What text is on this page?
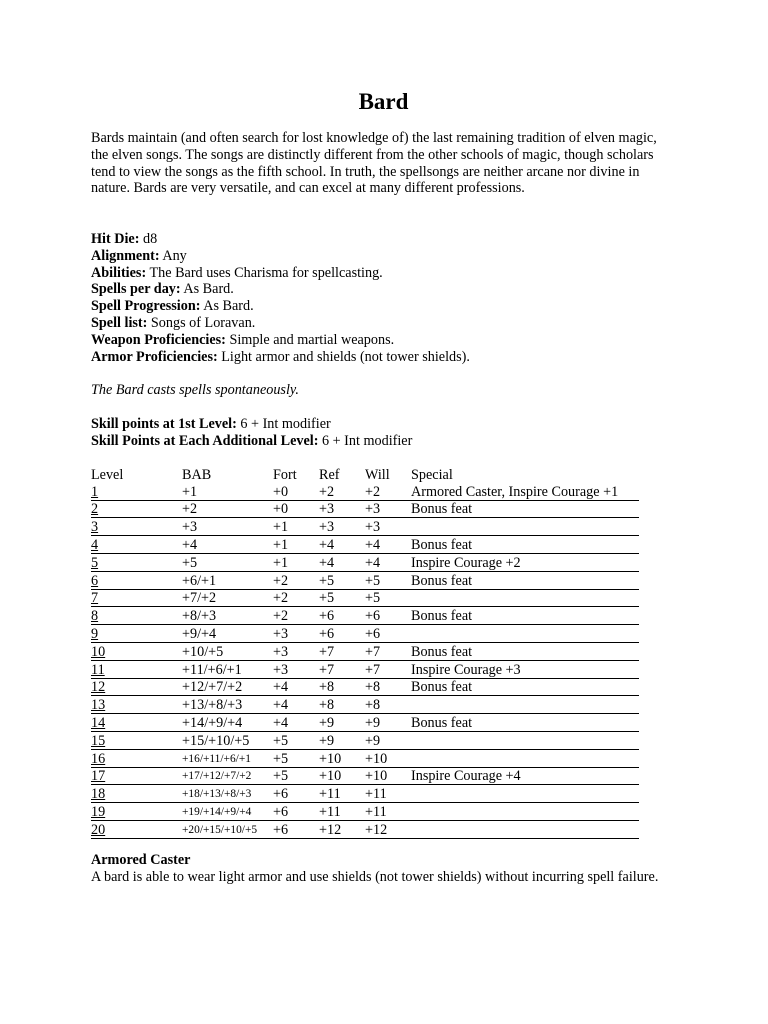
Bard

Bards maintain (and often search for lost knowledge of) the last remaining tradition of elven magic, the elven songs. The songs are distinctly different from the other schools of magic, though scholars tend to view the songs as the fifth school. In truth, the spellsongs are neither arcane nor divine in nature. Bards are very versatile, and can excel at many different professions.

Hit Die: d8
Alignment: Any
Abilities: The Bard uses Charisma for spellcasting.
Spells per day: As Bard.
Spell Progression: As Bard.
Spell list: Songs of Loravan.
Weapon Proficiencies: Simple and martial weapons.
Armor Proficiencies: Light armor and shields (not tower shields).

The Bard casts spells spontaneously.

Skill points at 1st Level: 6 + Int modifier
Skill Points at Each Additional Level: 6 + Int modifier
Level	BAB	Fort	Ref	Will	Special
1	+1	+0	+2	+2	Armored Caster, Inspire Courage +1
2	+2	+0	+3	+3	Bonus feat
3	+3	+1	+3	+3	
4	+4	+1	+4	+4	Bonus feat
5	+5	+1	+4	+4	Inspire Courage +2
6	+6/+1	+2	+5	+5	Bonus feat
7	+7/+2	+2	+5	+5	
8	+8/+3	+2	+6	+6	Bonus feat
9	+9/+4	+3	+6	+6	
10	+10/+5	+3	+7	+7	Bonus feat
11	+11/+6/+1	+3	+7	+7	Inspire Courage +3
12	+12/+7/+2	+4	+8	+8	Bonus feat
13	+13/+8/+3	+4	+8	+8	
14	+14/+9/+4	+4	+9	+9	Bonus feat
15	+15/+10/+5	+5	+9	+9	
16	+16/+11/+6/+1	+5	+10	+10	
17	+17/+12/+7/+2	+5	+10	+10	Inspire Courage +4
18	+18/+13/+8/+3	+6	+11	+11	
19	+19/+14/+9/+4	+6	+11	+11	
20	+20/+15/+10/+5	+6	+12	+12	
Armored Caster
A bard is able to wear light armor and use shields (not tower shields) without incurring spell failure.
